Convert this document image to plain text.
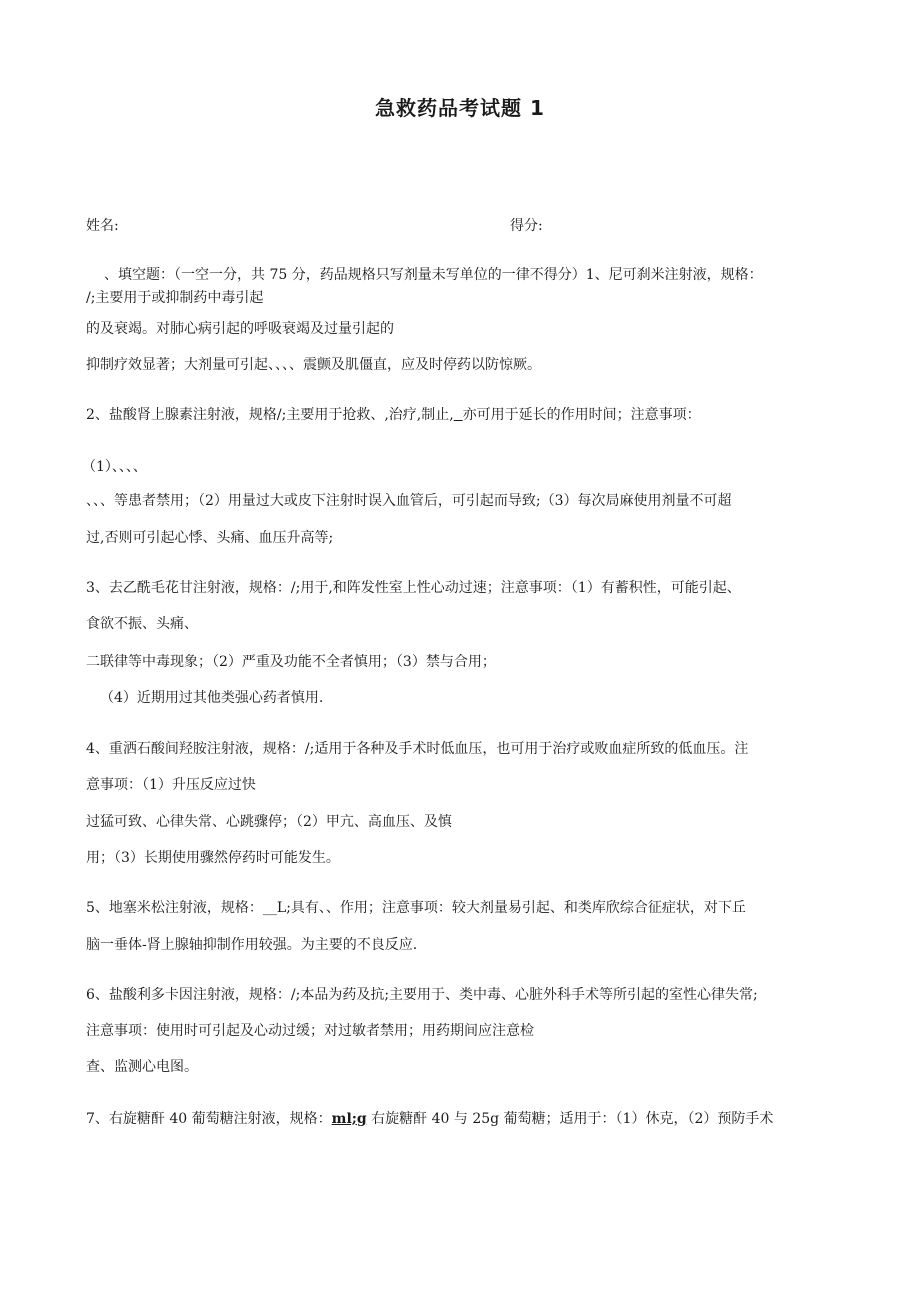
急救药品考试题 1
姓名:	得分:

、填空题：（一空一分，共 75 分，药品规格只写剂量未写单位的一律不得分）1、尼可刹米注射液，规格：

/;主要用于或抑制药中毒引起

的及衰竭。对肺心病引起的呼吸衰竭及过量引起的

抑制疗效显著；大剂量可引起、、、、震颤及肌僵直，应及时停药以防惊厥。

2、盐酸肾上腺素注射液，规格/;主要用于抢救、,治疗,制止, 亦可用于延长的作用时间；注意事项：

（1）、、、、

、、、等患者禁用；（2）用量过大或皮下注射时误入血管后，可引起而导致;（3）每次局麻使用剂量不可超

过,否则可引起心悸、头痛、血压升高等;

3、去乙酰毛花甘注射液，规格：/;用于,和阵发性室上性心动过速；注意事项：（1）有蓄积性，可能引起、

食欲不振、头痛、

二联律等中毒现象；（2）严重及功能不全者慎用；（3）禁与合用；

（4）近期用过其他类强心药者慎用.

4、重洒石酸间羟胺注射液，规格：/;适用于各种及手术时低血压，也可用于治疗或败血症所致的低血压。注

意事项：（1）升压反应过快

过猛可致、心律失常、心跳骤停；（2）甲亢、高血压、及慎

用；（3）长期使用骤然停药时可能发生。

5、地塞米松注射液，规格：__L;具有、、作用；注意事项：较大剂量易引起、和类库欣综合征症状，对下丘

脑一垂体-肾上腺轴抑制作用较强。为主要的不良反应.

6、盐酸利多卡因注射液，规格：/;本品为药及抗;主要用于、类中毒、心脏外科手术等所引起的室性心律失常;

注意事项：使用时可引起及心动过缓；对过敏者禁用；用药期间应注意检

查、监测心电图。

7、右旋糖酐 40 葡萄糖注射液，规格：ml;g 右旋糖酐 40 与 25g 葡萄糖；适用于：（1）休克，（2）预防手术
